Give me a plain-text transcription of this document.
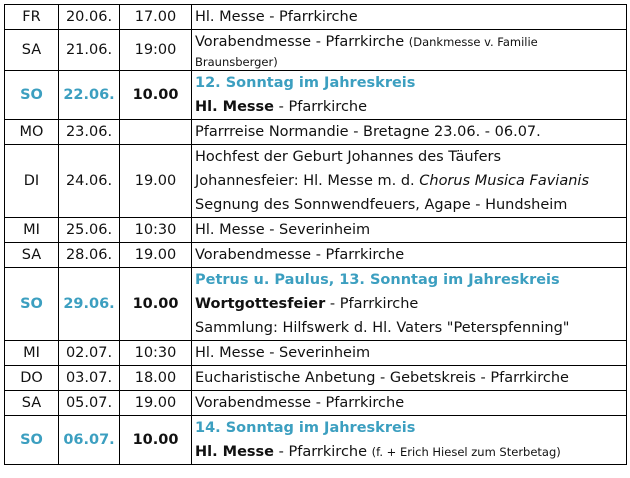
FR	20.06.	17.00	Hl. Messe - Pfarrkirche
SA	21.06.	19:00	Vorabendmesse - Pfarrkirche (Dankmesse v. Familie
Braunsberger)

SO	22.06.	10.00	12. Sonntag im Jahreskreis
Hl. Messe - Pfarrkirche

MO	23.06.		Pfarrreise Normandie - Bretagne 23.06. - 06.07.
DI	24.06.	19.00	Hochfest der Geburt Johannes des Täufers
Johannesfeier: Hl. Messe m. d. Chorus Musica Favianis
Segnung des Sonnwendfeuers, Agape - Hundsheim

MI	25.06.	10:30	Hl. Messe - Severinheim
SA	28.06.	19.00	Vorabendmesse - Pfarrkirche

SO	29.06.	10.00	Petrus u. Paulus, 13. Sonntag im Jahreskreis
Wortgottesfeier - Pfarrkirche
Sammlung: Hilfswerk d. Hl. Vaters "Peterspfenning"

MI	02.07.	10:30	Hl. Messe - Severinheim
DO	03.07.	18.00	Eucharistische Anbetung - Gebetskreis - Pfarrkirche
SA	05.07.	19.00	Vorabendmesse - Pfarrkirche

SO	06.07.	10.00	14. Sonntag im Jahreskreis
Hl. Messe - Pfarrkirche (f. + Erich Hiesel zum Sterbetag)
